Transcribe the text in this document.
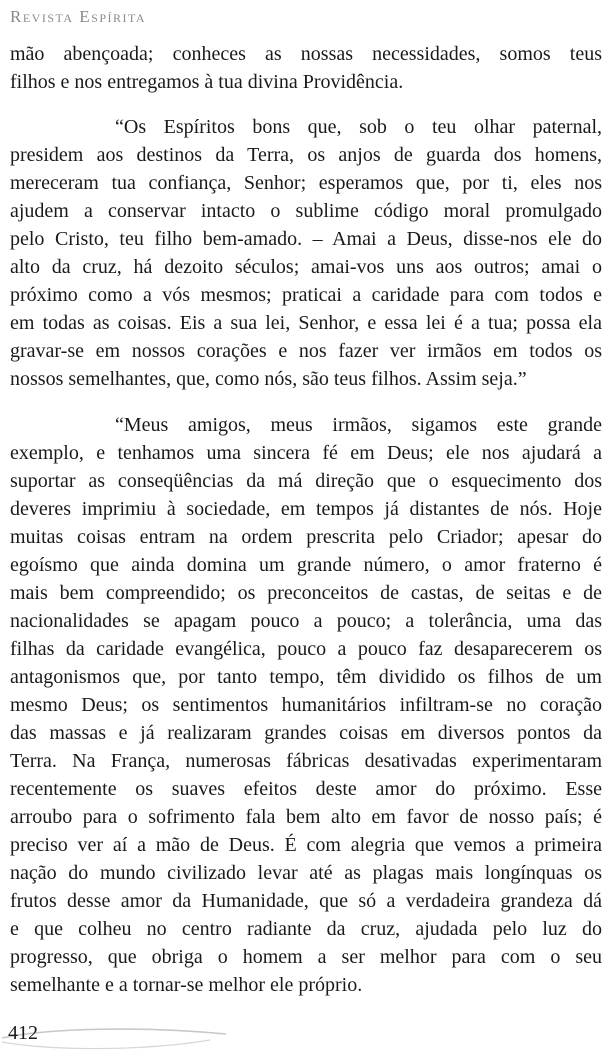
Revista Espírita

mão abençoada; conheces as nossas necessidades, somos teus
filhos e nos entregamos à tua divina Providência.

“Os Espíritos bons que, sob o teu olhar paternal,
presidem aos destinos da Terra, os anjos de guarda dos homens,
mereceram tua confiança, Senhor; esperamos que, por ti, eles nos
ajudem a conservar intacto o sublime código moral promulgado
pelo Cristo, teu filho bem-amado. – Amai a Deus, disse-nos ele do
alto da cruz, há dezoito séculos; amai-vos uns aos outros; amai o
próximo como a vós mesmos; praticai a caridade para com todos e
em todas as coisas. Eis a sua lei, Senhor, e essa lei é a tua; possa ela
gravar-se em nossos corações e nos fazer ver irmãos em todos os
nossos semelhantes, que, como nós, são teus filhos. Assim seja.”

“Meus amigos, meus irmãos, sigamos este grande
exemplo, e tenhamos uma sincera fé em Deus; ele nos ajudará a
suportar as conseqüências da má direção que o esquecimento dos
deveres imprimiu à sociedade, em tempos já distantes de nós. Hoje
muitas coisas entram na ordem prescrita pelo Criador; apesar do
egoísmo que ainda domina um grande número, o amor fraterno é
mais bem compreendido; os preconceitos de castas, de seitas e de
nacionalidades se apagam pouco a pouco; a tolerância, uma das
filhas da caridade evangélica, pouco a pouco faz desaparecerem os
antagonismos que, por tanto tempo, têm dividido os filhos de um
mesmo Deus; os sentimentos humanitários infiltram-se no coração
das massas e já realizaram grandes coisas em diversos pontos da
Terra. Na França, numerosas fábricas desativadas experimentaram
recentemente os suaves efeitos deste amor do próximo. Esse
arroubo para o sofrimento fala bem alto em favor de nosso país; é
preciso ver aí a mão de Deus. É com alegria que vemos a primeira
nação do mundo civilizado levar até as plagas mais longínquas os
frutos desse amor da Humanidade, que só a verdadeira grandeza dá
e que colheu no centro radiante da cruz, ajudada pelo luz do
progresso, que obriga o homem a ser melhor para com o seu
semelhante e a tornar-se melhor ele próprio.

412
